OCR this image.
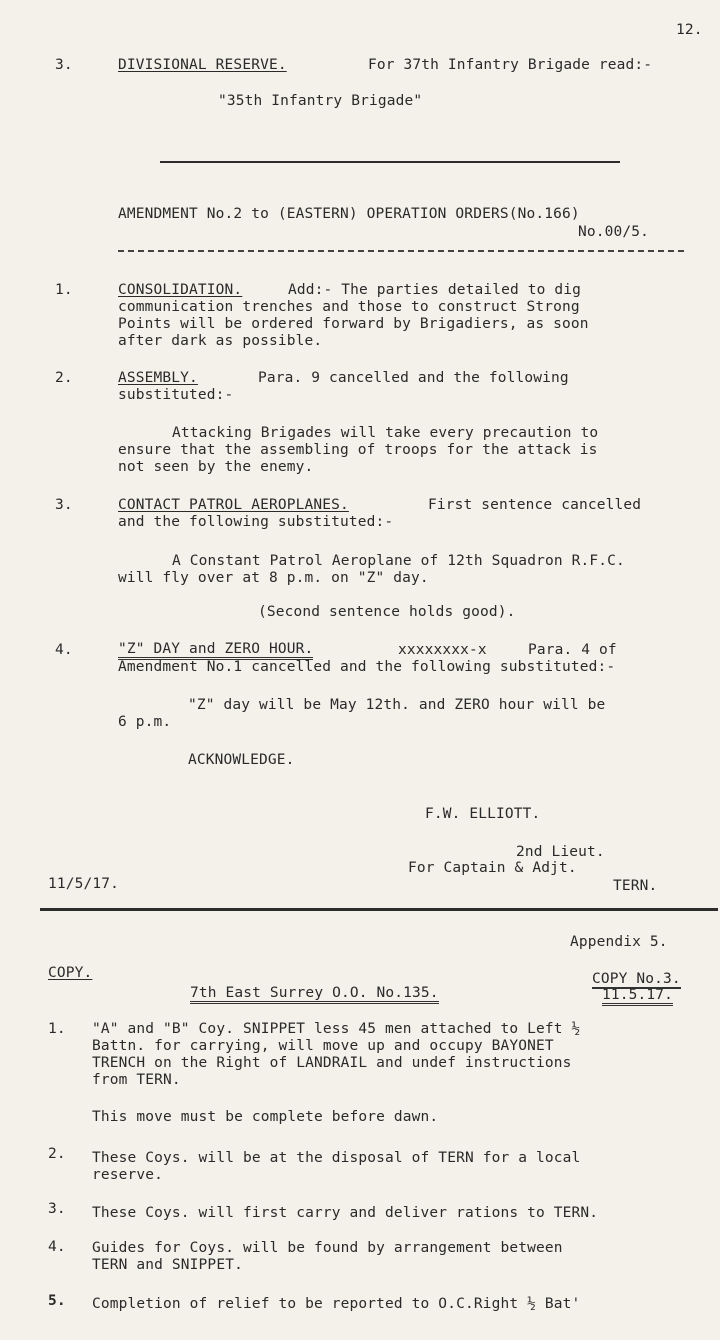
12.
3.	DIVISIONAL RESERVE.	For 37th Infantry Brigade read:-
"35th Infantry Brigade"
AMENDMENT No.2 to (EASTERN) OPERATION ORDERS(No.166)
No.00/5.
1.	CONSOLIDATION.	Add:- The parties detailed to dig
communication trenches and those to construct Strong
Points will be ordered forward by Brigadiers, as soon
after dark as possible.
2.	ASSEMBLY.	Para. 9 cancelled and the following
substituted:-
Attacking Brigades will take every precaution to
ensure that the assembling of troops for the attack is
not seen by the enemy.
3.	CONTACT PATROL AEROPLANES.	First sentence cancelled
and the following substituted:-
A Constant Patrol Aeroplane of 12th Squadron R.F.C.
will fly over at 8 p.m. on "Z" day.
(Second sentence holds good).
4.	"Z" DAY and ZERO HOUR.	xxxxxxxx-x	Para. 4 of
Amendment No.1 cancelled and the following substituted:-
"Z" day will be May 12th. and ZERO hour will be
6 p.m.
ACKNOWLEDGE.
F.W. ELLIOTT.
2nd Lieut.
For Captain & Adjt.
TERN.
11/5/17.
Appendix 5.
COPY.	COPY No.3.
7th East Surrey O.O. No.135.	11.5.17.
1. "A" and "B" Coy. SNIPPET less 45 men attached to Left ½
Battn. for carrying, will move up and occupy BAYONET
TRENCH on the Right of LANDRAIL and undef instructions
from TERN.
This move must be complete before dawn.
2. These Coys. will be at the disposal of TERN for a local
reserve.
3. These Coys. will first carry and deliver rations to TERN.
4. Guides for Coys. will be found by arrangement between
TERN and SNIPPET.
5. Completion of relief to be reported to O.C.Right ½ Bat'
